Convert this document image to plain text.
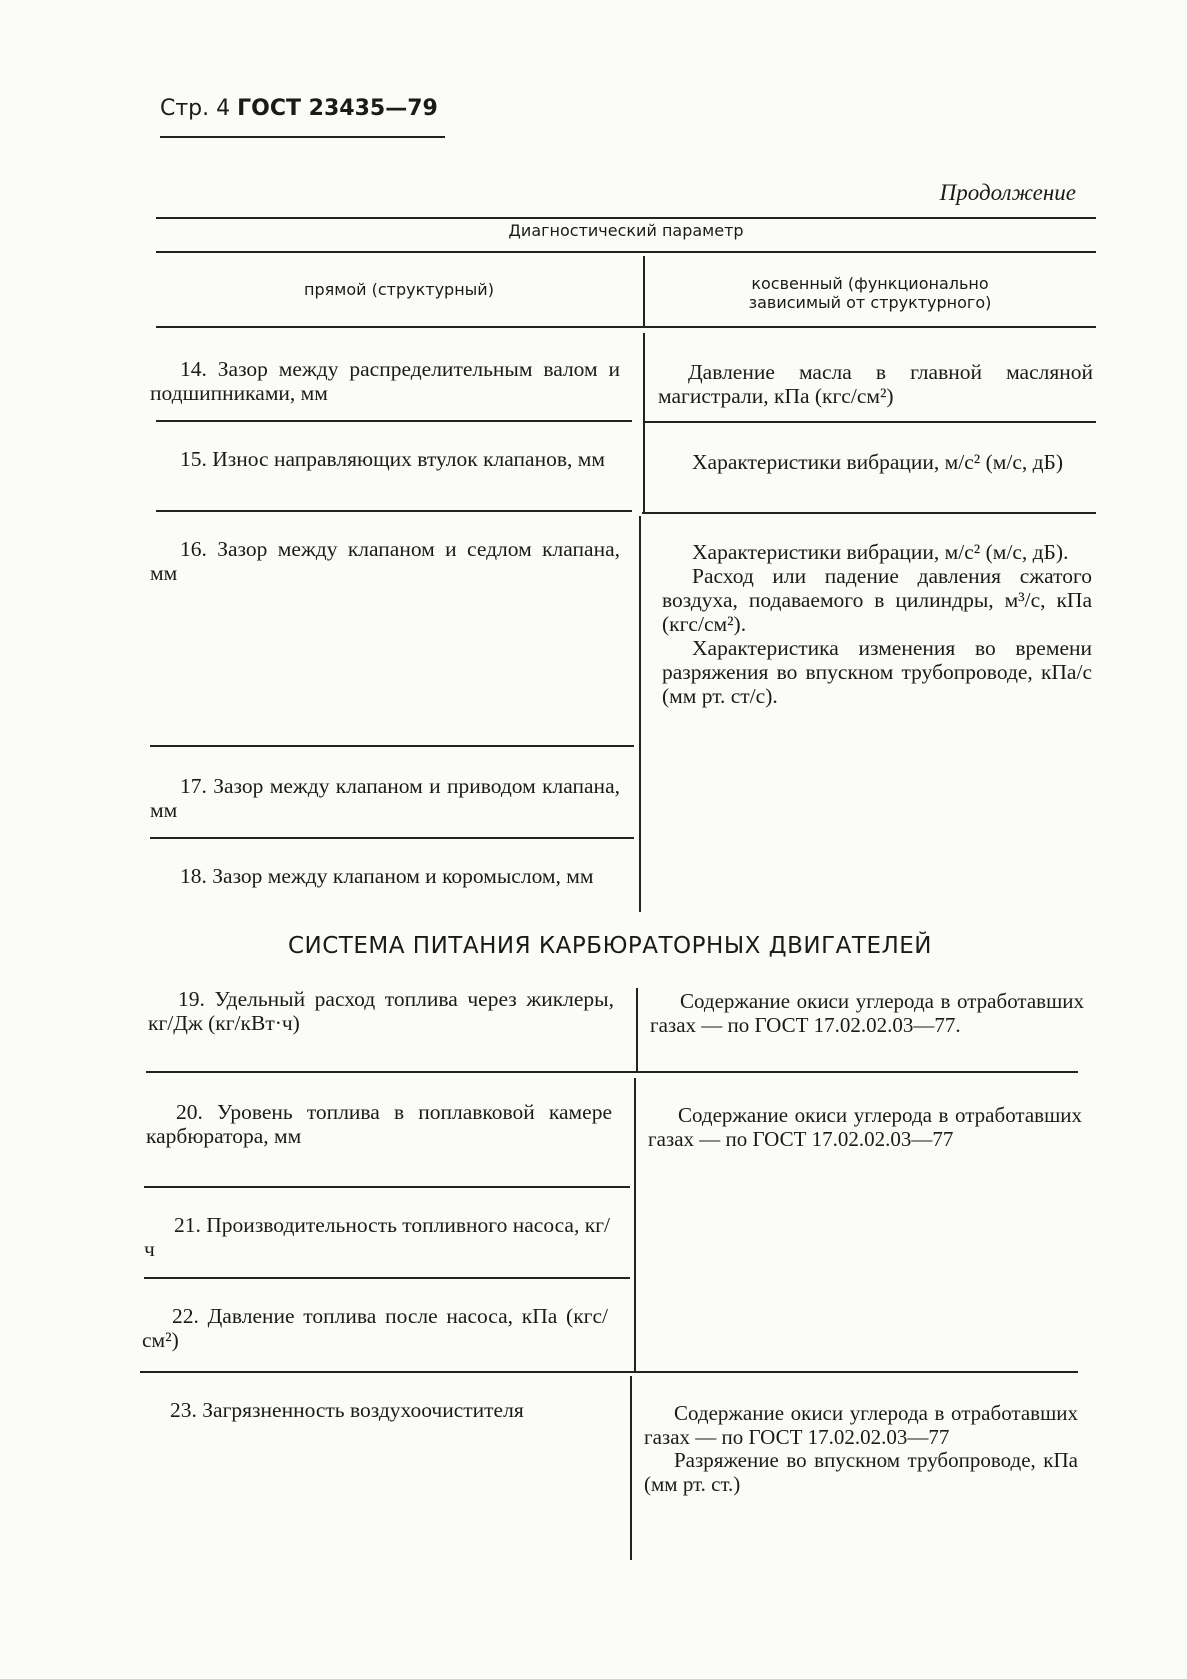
Стр. 4 ГОСТ 23435—79
Продолжение
Диагностический параметр
прямой (структурный)	косвенный (функционально
зависимый от структурного)

14. Зазор между распределительным валом и подшипниками, мм

15. Износ направляющих втулок клапанов, мм

16. Зазор между клапаном и седлом клапана, мм

17. Зазор между клапаном и приводом клапана, мм

18. Зазор между клапаном и коромыслом, мм

Давление масла в главной масляной магистрали, кПа (кгс/см²)

Характеристики вибрации, м/с² (м/с, дБ)

Характеристики вибрации, м/с² (м/с, дБ).

Расход или падение давления сжатого воздуха, подаваемого в цилиндры, м³/с, кПа (кгс/см²).

Характеристика изменения во времени разряжения во впускном трубопроводе, кПа/с (мм рт. ст/с).

СИСТЕМА ПИТАНИЯ КАРБЮРАТОРНЫХ ДВИГАТЕЛЕЙ

19. Удельный расход топлива через жиклеры, кг/Дж (кг/кВт·ч)

20. Уровень топлива в поплавковой камере карбюратора, мм

21. Производительность топливного насоса, кг/ч

22. Давление топлива после насоса, кПа (кгс/см²)

23. Загрязненность воздухоочистителя

Содержание окиси углерода в отработавших газах — по ГОСТ 17.02.02.03—77.

Содержание окиси углерода в отработавших газах — по ГОСТ 17.02.02.03—77

Содержание окиси углерода в отработавших газах — по ГОСТ 17.02.02.03—77

Разряжение во впускном трубопроводе, кПа (мм рт. ст.)
